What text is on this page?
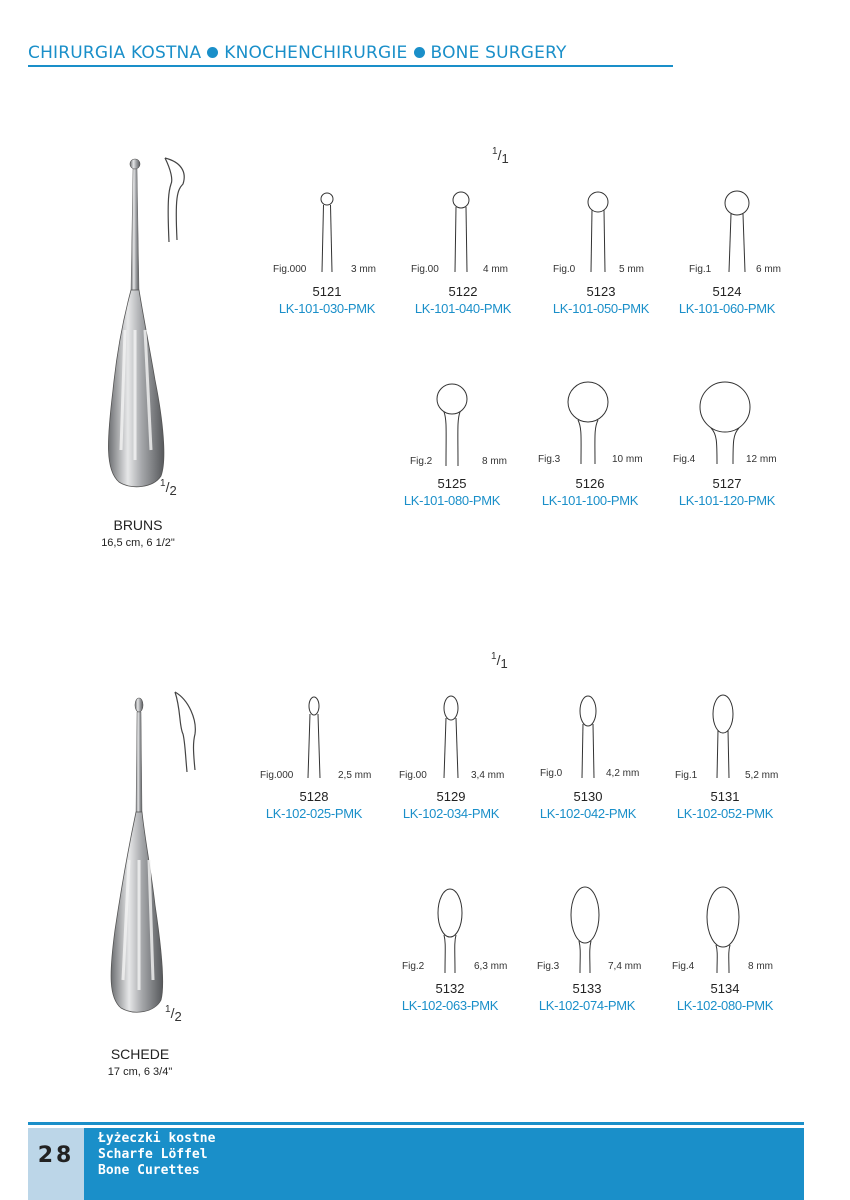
CHIRURGIA KOSTNA KNOCHENCHIRURGIE BONE SURGERY
$^1$/1
$^1$/2
BRUNS
16,5 cm, 6 1/2"
Fig.000	3 mm
5121
LK-101-030-PMK
Fig.00	4 mm
5122
LK-101-040-PMK
Fig.0	5 mm
5123
LK-101-050-PMK
Fig.1	6 mm
5124
LK-101-060-PMK
Fig.2	8 mm
5125
LK-101-080-PMK
Fig.3	10 mm
5126
LK-101-100-PMK
Fig.4	12 mm
5127
LK-101-120-PMK
$^1$/1
$^1$/2
SCHEDE
17 cm, 6 3/4"
Fig.000	2,5 mm
5128
LK-102-025-PMK
Fig.00	3,4 mm
5129
LK-102-034-PMK
Fig.0	4,2 mm
5130
LK-102-042-PMK
Fig.1	5,2 mm
5131
LK-102-052-PMK
Fig.2	6,3 mm
5132
LK-102-063-PMK
Fig.3	7,4 mm
5133
LK-102-074-PMK
Fig.4	8 mm
5134
LK-102-080-PMK
28
Łyżeczki kostne
Scharfe Löffel
Bone Curettes
